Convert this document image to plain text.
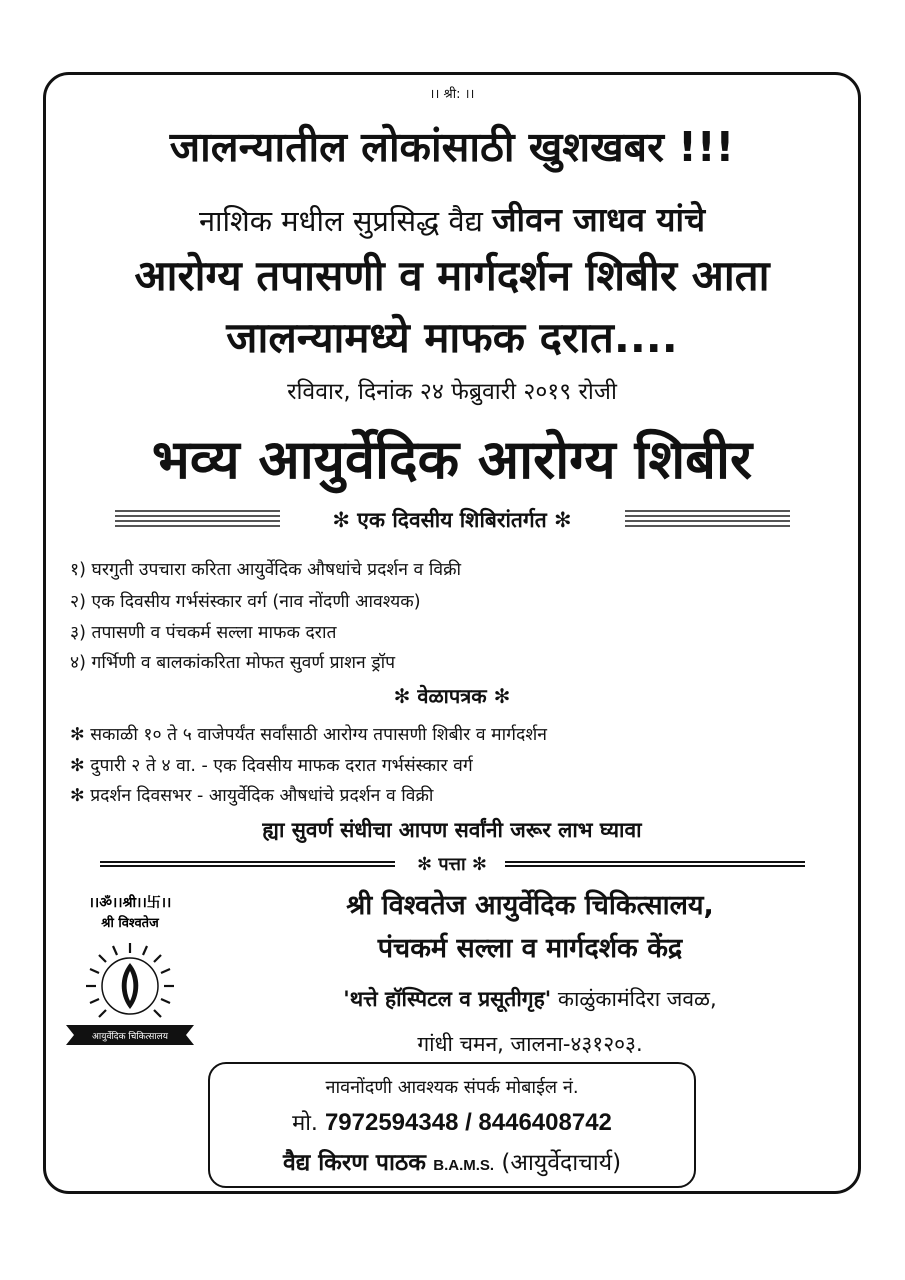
।। श्री: ।।
जालन्यातील लोकांसाठी खुशखबर !!!
नाशिक मधील सुप्रसिद्ध वैद्य जीवन जाधव यांचे
आरोग्य तपासणी व मार्गदर्शन शिबीर आता
जालन्यामध्ये माफक दरात....
रविवार, दिनांक २४ फेब्रुवारी २०१९ रोजी
भव्य आयुर्वेदिक आरोग्य शिबीर
✻ एक दिवसीय शिबिरांतर्गत ✻
१) घरगुती उपचारा करिता आयुर्वेदिक औषधांचे प्रदर्शन व विक्री
२) एक दिवसीय गर्भसंस्कार वर्ग (नाव नोंदणी आवश्यक)
३) तपासणी व पंचकर्म सल्ला माफक दरात
४) गर्भिणी व बालकांकरिता मोफत सुवर्ण प्राशन ड्रॉप
✻ वेळापत्रक ✻
✻ सकाळी १० ते ५ वाजेपर्यंत सर्वांसाठी आरोग्य तपासणी शिबीर व मार्गदर्शन
✻ दुपारी २ ते ४ वा. - एक दिवसीय माफक दरात गर्भसंस्कार वर्ग
✻ प्रदर्शन दिवसभर - आयुर्वेदिक औषधांचे प्रदर्शन व विक्री
ह्या सुवर्ण संधीचा आपण सर्वांनी जरूर लाभ घ्यावा
✻ पत्ता ✻
।।ॐ।।श्री।।卐।।
श्री विश्वतेज
आयुर्वेदिक चिकित्सालय
श्री विश्वतेज आयुर्वेदिक चिकित्सालय,
पंचकर्म सल्ला व मार्गदर्शक केंद्र
'थत्ते हॉस्पिटल व प्रसूतीगृह' काळुंकामंदिरा जवळ,
गांधी चमन, जालना-४३१२०३.
नावनोंदणी आवश्यक संपर्क मोबाईल नं.
मो. 7972594348 / 8446408742
वैद्य किरण पाठक B.A.M.S. (आयुर्वेदाचार्य)
